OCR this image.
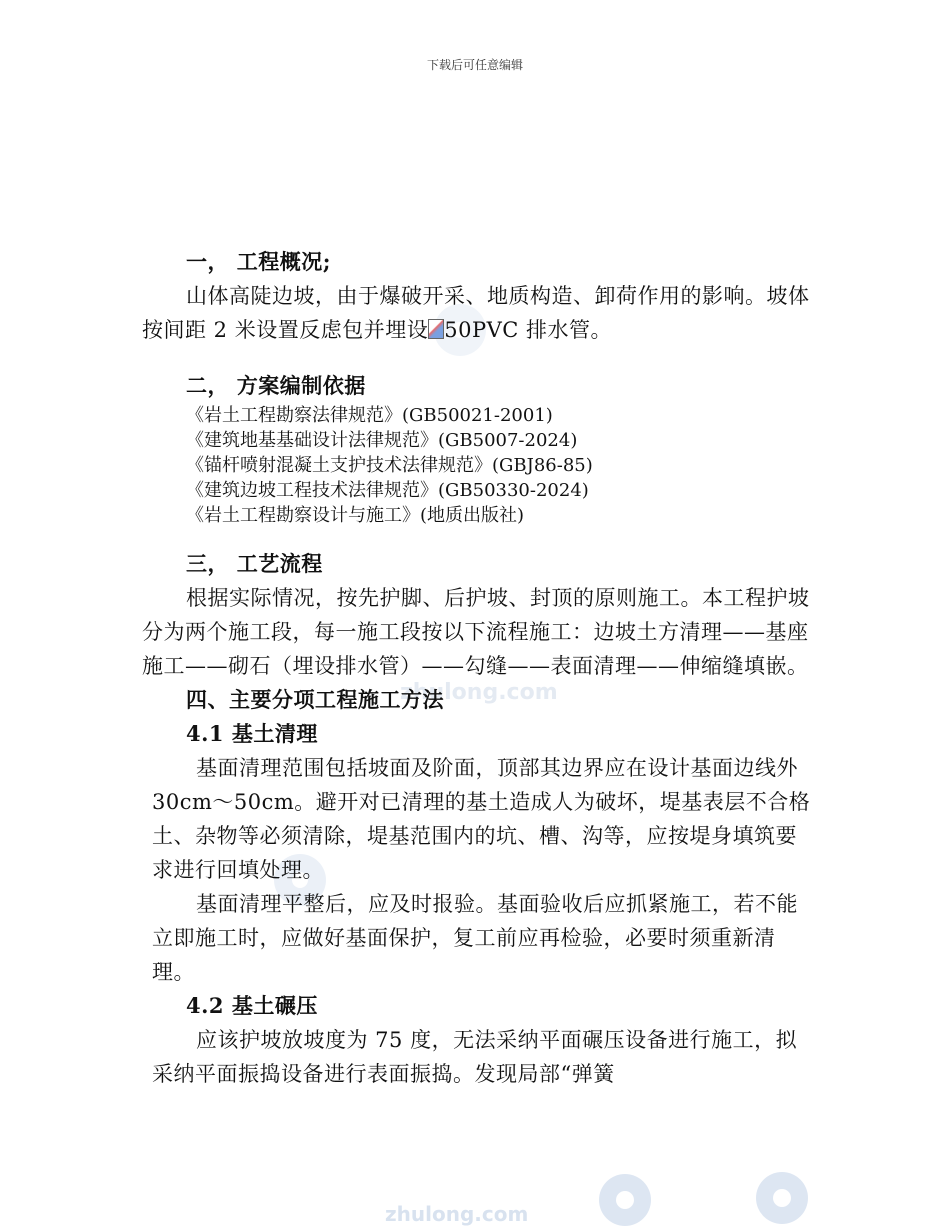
下载后可任意编辑
zhulong.com
zhulong.com

一， 工程概况;

山体高陡边坡，由于爆破开采、地质构造、卸荷作用的影响。坡体按间距 2 米设置反虑包并埋设 50PVC 排水管。

二， 方案编制依据

《岩土工程勘察法律规范》(GB50021-2001)

《建筑地基基础设计法律规范》(GB5007-2024)

《锚杆喷射混凝土支护技术法律规范》(GBJ86-85)

《建筑边坡工程技术法律规范》(GB50330-2024)

《岩土工程勘察设计与施工》(地质出版社)

三， 工艺流程

根据实际情况，按先护脚、后护坡、封顶的原则施工。本工程护坡分为两个施工段，每一施工段按以下流程施工：边坡土方清理——基座施工——砌石（埋设排水管）——勾缝——表面清理——伸缩缝填嵌。

四、主要分项工程施工方法

4.1 基土清理

基面清理范围包括坡面及阶面，顶部其边界应在设计基面边线外 30cm～50cm。避开对已清理的基土造成人为破坏，堤基表层不合格土、杂物等必须清除，堤基范围内的坑、槽、沟等，应按堤身填筑要求进行回填处理。

基面清理平整后，应及时报验。基面验收后应抓紧施工，若不能立即施工时，应做好基面保护，复工前应再检验，必要时须重新清理。

4.2 基土碾压

应该护坡放坡度为 75 度，无法采纳平面碾压设备进行施工，拟采纳平面振捣设备进行表面振捣。发现局部“弹簧
